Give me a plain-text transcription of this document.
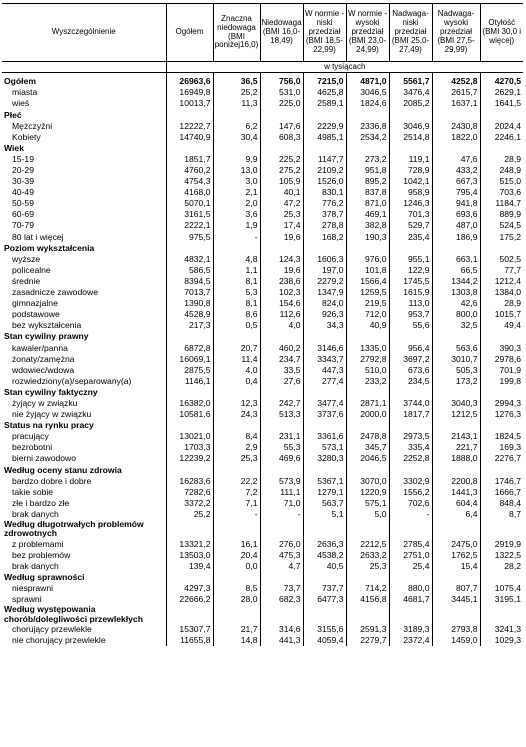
Wyszczególnienie	Ogółem	Znaczna niedowaga (BMI poniżej16,0)	Niedowaga (BMI 16,0-18,49)	W normie - niski przedział (BMI 18,5-22,99)	W normie -wysoki przedział (BMI 23,0-24,99)	Nadwaga- niski przedział (BMI 25,0-27,49)	Nadwaga- wysoki przedział (BMI 27,5-29,99)	Otyłość (BMI 30,0 i więcej)
	w tysiącach							
Ogółem	26963,6	36,5	756,0	7215,0	4871,0	5561,7	4252,8	4270,5
miasta	16949,8	25,2	531,0	4625,8	3046,5	3476,4	2615,7	2629,1
wieś	10013,7	11,3	225,0	2589,1	1824,6	2085,2	1637,1	1641,5
Płeć								
Mężczyźni	12222,7	6,2	147,6	2229,9	2336,8	3046,9	2430,8	2024,4
Kobiety	14740,9	30,4	608,3	4985,1	2534,2	2514,8	1822,0	2246,1
Wiek								
15-19	1851,7	9,9	225,2	1147,7	273,2	119,1	47,6	28,9
20-29	4760,2	13,0	275,2	2109,2	951,8	728,9	433,2	248,9
30-39	4754,3	3,0	105,9	1526,0	895,2	1042,1	667,3	515,0
40-49	4168,0	2,1	40,1	830,1	837,8	958,9	795,4	703,6
50-59	5070,1	2,0	47,2	776,2	871,0	1246,3	941,8	1184,7
60-69	3161,5	3,6	25,3	378,7	469,1	701,3	693,6	889,9
70-79	2222,1	1,9	17,4	278,8	382,8	529,7	487,0	524,5
80 lat i więcej	975,5	-	19,6	168,2	190,3	235,4	186,9	175,2
Poziom wykształcenia								
wyższe	4832,1	4,8	124,3	1606,3	976,0	955,1	663,1	502,5
policealne	586,5	1,1	19,6	197,0	101,8	122,9	66,5	77,7
średnie	8394,5	8,1	238,6	2279,2	1566,4	1745,5	1344,2	1212,4
zasadnicze zawodowe	7013,7	5,3	102,3	1347,9	1259,5	1615,9	1303,8	1384,0
gimnazjalne	1390,8	8,1	154,6	824,0	219,5	113,0	42,6	28,9
podstawowe	4528,9	8,6	112,6	926,3	712,0	953,7	800,0	1015,7
bez wykształcenia	217,3	0,5	4,0	34,3	40,9	55,6	32,5	49,4
Stan cywilny prawny								
kawaler/panna	6872,8	20,7	460,2	3146,6	1335,0	956,4	563,6	390,3
żonaty/zamężna	16069,1	11,4	234,7	3343,7	2792,8	3697,2	3010,7	2978,6
wdowiec/wdowa	2875,5	4,0	33,5	447,3	510,0	673,6	505,3	701,9
rozwiedziony(a)/separowany(a)	1146,1	0,4	27,6	277,4	233,2	234,5	173,2	199,8
Stan cywilny faktyczny								
żyjący w związku	16382,0	12,3	242,7	3477,4	2871,1	3744,0	3040,3	2994,3
nie żyjący w związku	10581,6	24,3	513,3	3737,6	2000,0	1817,7	1212,5	1276,3
Status na rynku pracy								
pracujący	13021,0	8,4	231,1	3361,6	2478,8	2973,5	2143,1	1824,5
bezrobotni	1703,3	2,9	55,3	573,1	345,7	335,4	221,7	169,3
bierni zawodowo	12239,2	25,3	469,6	3280,3	2046,5	2252,8	1888,0	2276,7
Według oceny stanu zdrowia								
bardzo dobre i dobre	16283,6	22,2	573,9	5367,1	3070,0	3302,9	2200,8	1746,7
takie sobie	7282,6	7,2	111,1	1279,1	1220,9	1556,2	1441,3	1666,7
złe i bardzo złe	3372,2	7,1	71,0	563,7	575,1	702,6	604,4	848,4
brak danych	25,2	-	-	5,1	5,0	-	6,4	8,7
Według długotrwałych problemów zdrowotnych								
z problemami	13321,2	16,1	276,0	2636,3	2212,5	2785,4	2475,0	2919,9
bez problemów	13503,0	20,4	475,3	4538,2	2633,2	2751,0	1762,5	1322,5
brak danych	139,4	0,0	4,7	40,5	25,3	25,4	15,4	28,2
Według sprawności								
niesprawni	4297,3	8,5	73,7	737,7	714,2	880,0	807,7	1075,4
sprawni	22666,2	28,0	682,3	6477,3	4156,8	4681,7	3445,1	3195,1
Według występowania chorób/dolegliwości przewlekłych								
chorujący przewlekle	15307,7	21,7	314,6	3155,6	2591,3	3189,3	2793,8	3241,3
nie chorujący przewlekle	11655,8	14,8	441,3	4059,4	2279,7	2372,4	1459,0	1029,3
